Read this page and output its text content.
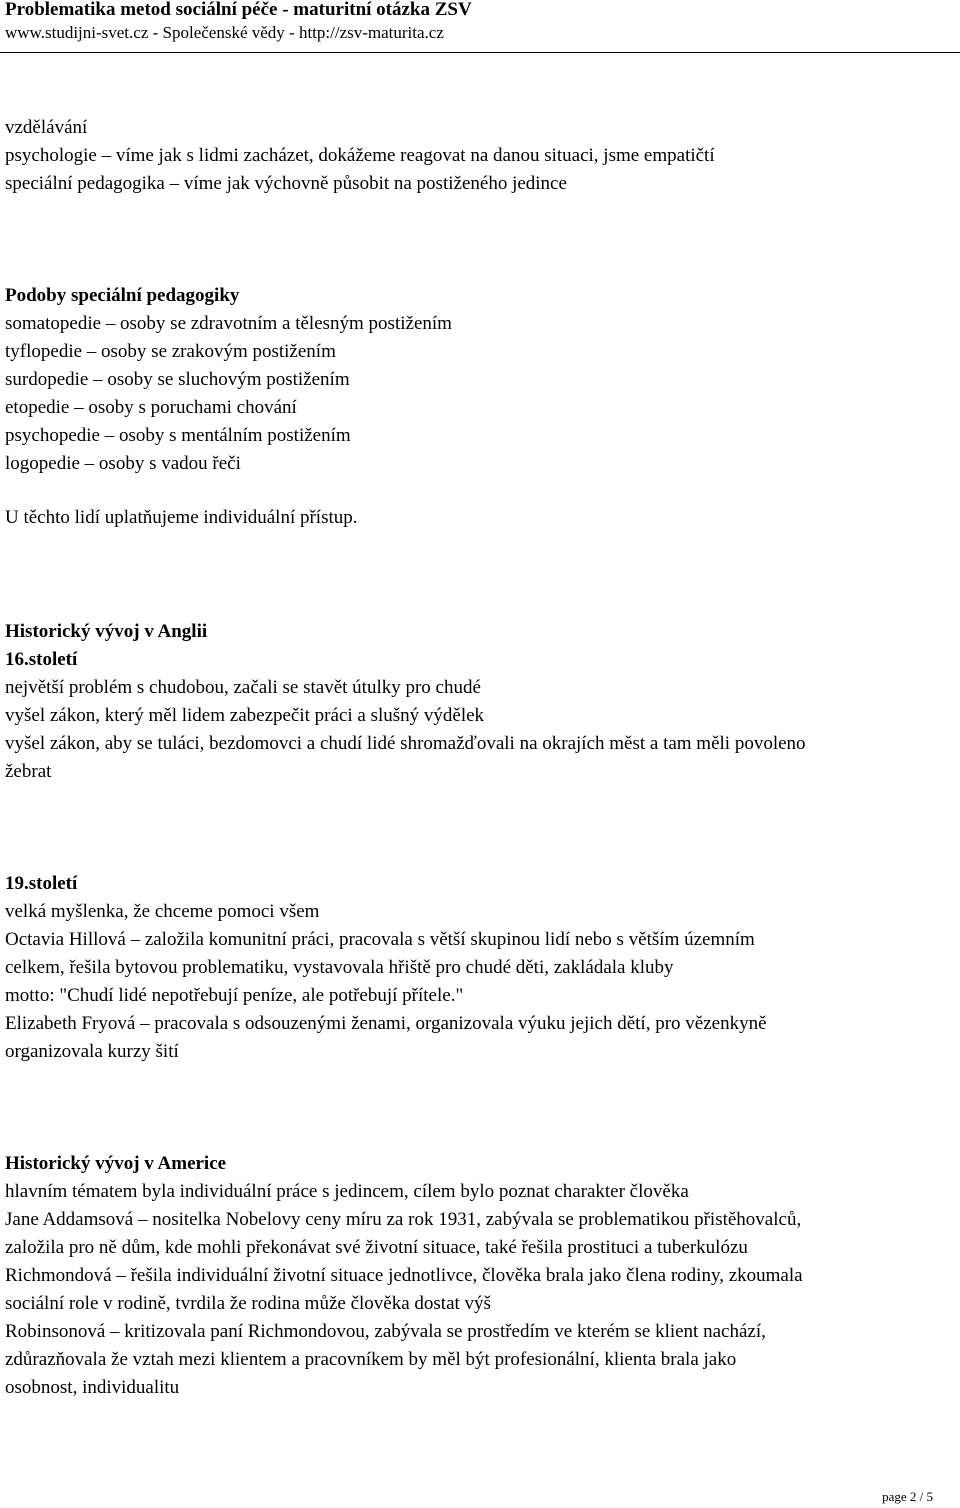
Problematika metod sociální péče - maturitní otázka ZSV
www.studijni-svet.cz - Společenské vědy - http://zsv-maturita.cz
vzdělávání
psychologie – víme jak s lidmi zacházet, dokážeme reagovat na danou situaci, jsme empatičtí
speciální pedagogika – víme jak výchovně působit na postiženého jedince
Podoby speciální pedagogiky
somatopedie – osoby se zdravotním a tělesným postižením
tyflopedie – osoby se zrakovým postižením
surdopedie – osoby se sluchovým postižením
etopedie – osoby s poruchami chování
psychopedie – osoby s mentálním postižením
logopedie – osoby s vadou řeči
U těchto lidí uplatňujeme individuální přístup.
Historický vývoj v Anglii
16.století
největší problém s chudobou, začali se stavět útulky pro chudé
vyšel zákon, který měl lidem zabezpečit práci a slušný výdělek
vyšel zákon, aby se tuláci, bezdomovci a chudí lidé shromažďovali na okrajích měst a tam měli povoleno
žebrat
19.století
velká myšlenka, že chceme pomoci všem
Octavia Hillová – založila komunitní práci, pracovala s větší skupinou lidí nebo s větším územním
celkem, řešila bytovou problematiku, vystavovala hřiště pro chudé děti, zakládala kluby
motto: "Chudí lidé nepotřebují peníze, ale potřebují přítele."
Elizabeth Fryová – pracovala s odsouzenými ženami, organizovala výuku jejich dětí, pro vězenkyně
organizovala kurzy šití
Historický vývoj v Americe
hlavním tématem byla individuální práce s jedincem, cílem bylo poznat charakter člověka
Jane Addamsová – nositelka Nobelovy ceny míru za rok 1931, zabývala se problematikou přistěhovalců,
založila pro ně dům, kde mohli překonávat své životní situace, také řešila prostituci a tuberkulózu
Richmondová – řešila individuální životní situace jednotlivce, člověka brala jako člena rodiny, zkoumala
sociální role v rodině, tvrdila že rodina může člověka dostat výš
Robinsonová – kritizovala paní Richmondovou, zabývala se prostředím ve kterém se klient nachází,
zdůrazňovala že vztah mezi klientem a pracovníkem by měl být profesionální, klienta brala jako
osobnost, individualitu
page 2 / 5
